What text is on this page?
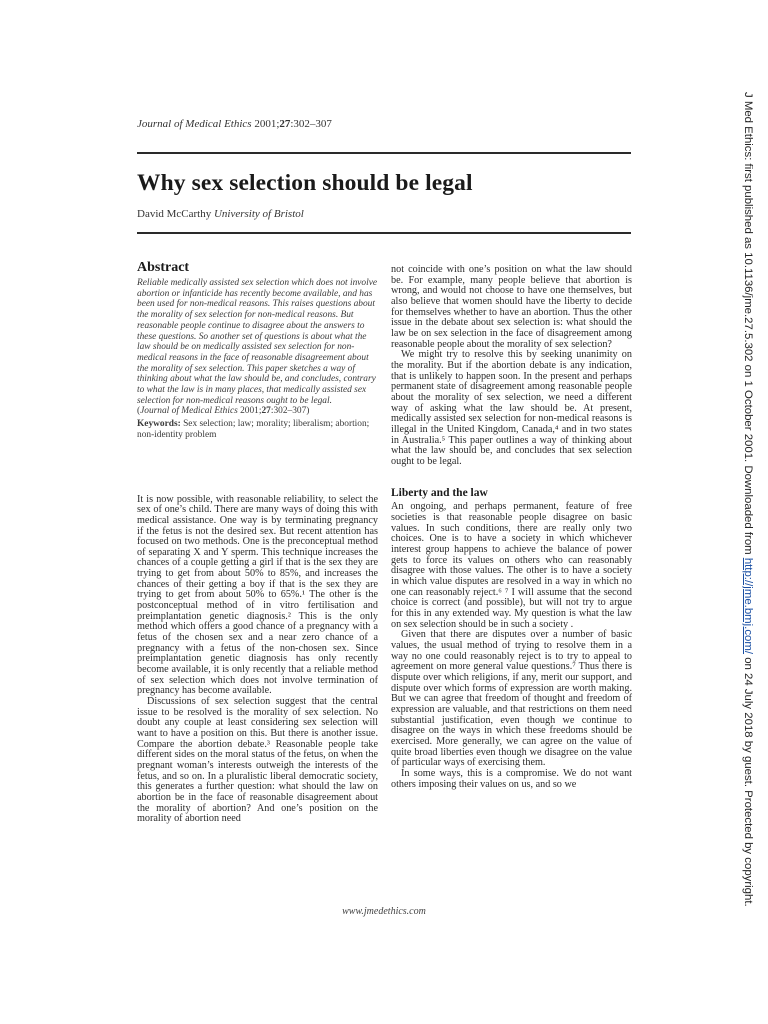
Journal of Medical Ethics 2001;27:302–307
Why sex selection should be legal
David McCarthy University of Bristol
Abstract

Reliable medically assisted sex selection which does not involve abortion or infanticide has recently become available, and has been used for non-medical reasons. This raises questions about the morality of sex selection for non-medical reasons. But reasonable people continue to disagree about the answers to these questions. So another set of questions is about what the law should be on medically assisted sex selection for non-medical reasons in the face of reasonable disagreement about the morality of sex selection. This paper sketches a way of thinking about what the law should be, and concludes, contrary to what the law is in many places, that medically assisted sex selection for non-medical reasons ought to be legal.

(Journal of Medical Ethics 2001;27:302–307)

Keywords: Sex selection; law; morality; liberalism; abortion; non-identity problem

It is now possible, with reasonable reliability, to select the sex of one’s child. There are many ways of doing this with medical assistance. One way is by terminating pregnancy if the fetus is not the desired sex. But recent attention has focused on two methods. One is the preconceptual method of separating X and Y sperm. This technique increases the chances of a couple getting a girl if that is the sex they are trying to get from about 50% to 85%, and increases the chances of their getting a boy if that is the sex they are trying to get from about 50% to 65%.¹ The other is the postconceptual method of in vitro fertilisation and preimplantation genetic diagnosis.² This is the only method which offers a good chance of a pregnancy with a fetus of the chosen sex and a near zero chance of a pregnancy with a fetus of the non-chosen sex. Since preimplantation genetic diagnosis has only recently become available, it is only recently that a reliable method of sex selection which does not involve termination of pregnancy has become available.

Discussions of sex selection suggest that the central issue to be resolved is the morality of sex selection. No doubt any couple at least considering sex selection will want to have a position on this. But there is another issue. Compare the abortion debate.³ Reasonable people take different sides on the moral status of the fetus, on when the pregnant woman’s interests outweigh the interests of the fetus, and so on. In a pluralistic liberal democratic society, this generates a further question: what should the law on abortion be in the face of reasonable disagreement about the morality of abortion? And one’s position on the morality of abortion need

not coincide with one’s position on what the law should be. For example, many people believe that abortion is wrong, and would not choose to have one themselves, but also believe that women should have the liberty to decide for themselves whether to have an abortion. Thus the other issue in the debate about sex selection is: what should the law be on sex selection in the face of disagreement among reasonable people about the morality of sex selection?

We might try to resolve this by seeking unanimity on the morality. But if the abortion debate is any indication, that is unlikely to happen soon. In the present and perhaps permanent state of disagreement among reasonable people about the morality of sex selection, we need a different way of asking what the law should be. At present, medically assisted sex selection for non-medical reasons is illegal in the United Kingdom, Canada,⁴ and in two states in Australia.⁵ This paper outlines a way of thinking about what the law should be, and concludes that sex selection ought to be legal.

Liberty and the law

An ongoing, and perhaps permanent, feature of free societies is that reasonable people disagree on basic values. In such conditions, there are really only two choices. One is to have a society in which whichever interest group happens to achieve the balance of power gets to force its values on others who can reasonably disagree with those values. The other is to have a society in which value disputes are resolved in a way in which no one can reasonably reject.⁶ ⁷ I will assume that the second choice is correct (and possible), but will not try to argue for this in any extended way. My question is what the law on sex selection should be in such a society .

Given that there are disputes over a number of basic values, the usual method of trying to resolve them in a way no one could reasonably reject is to try to appeal to agreement on more general value questions.⁷ Thus there is dispute over which religions, if any, merit our support, and dispute over which forms of expression are worth making. But we can agree that freedom of thought and freedom of expression are valuable, and that restrictions on them need substantial justification, even though we continue to disagree on the ways in which these freedoms should be exercised. More generally, we can agree on the value of quite broad liberties even though we disagree on the value of particular ways of exercising them.

In some ways, this is a compromise. We do not want others imposing their values on us, and so we

www.jmedethics.com
J Med Ethics: first published as 10.1136/jme.27.5.302 on 1 October 2001. Downloaded from http://jme.bmj.com/ on 24 July 2018 by guest. Protected by copyright.
